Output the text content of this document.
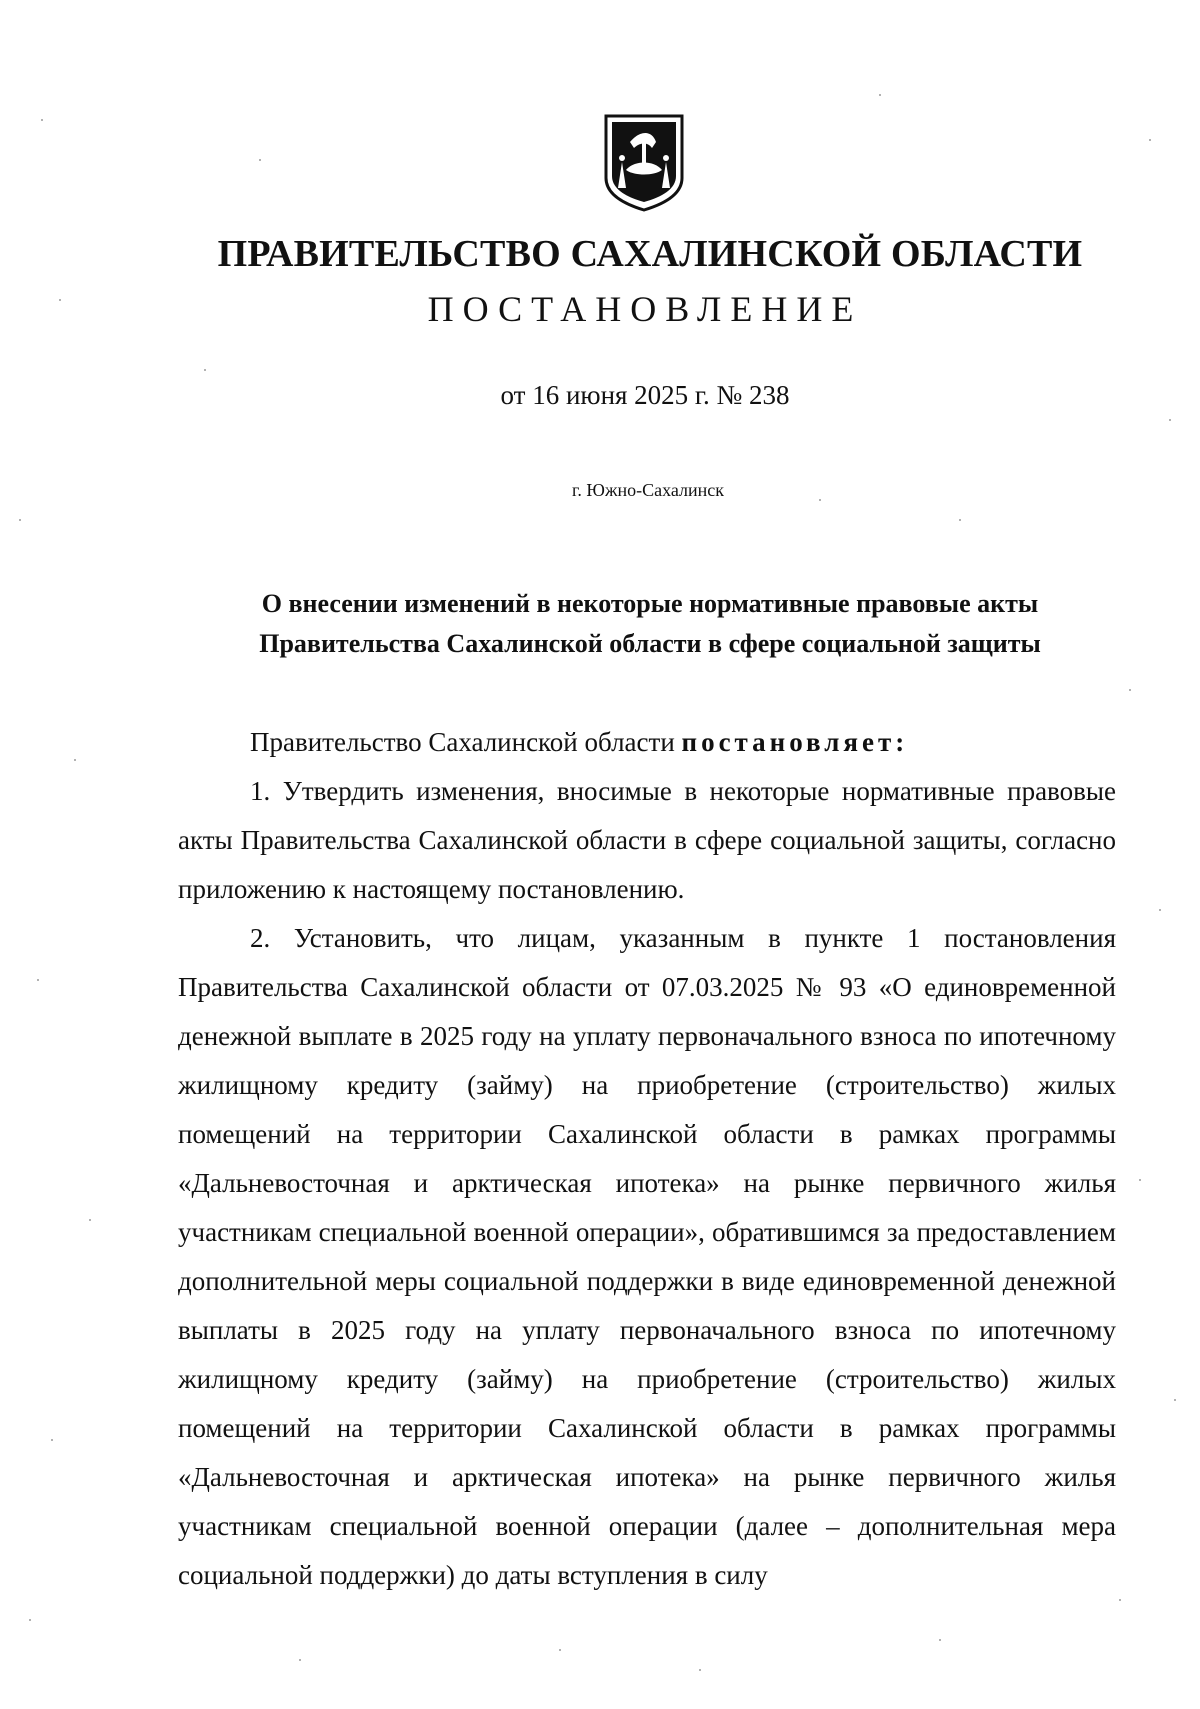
ПРАВИТЕЛЬСТВО САХАЛИНСКОЙ ОБЛАСТИ
ПОСТАНОВЛЕНИЕ
от 16 июня 2025 г. № 238
г. Южно-Сахалинск
О внесении изменений в некоторые нормативные правовые акты
Правительства Сахалинской области в сфере социальной защиты

Правительство Сахалинской области постановляет:

1. Утвердить изменения, вносимые в некоторые нормативные правовые акты Правительства Сахалинской области в сфере социальной защиты, согласно приложению к настоящему постановлению.

2. Установить, что лицам, указанным в пункте 1 постановления Правительства Сахалинской области от 07.03.2025 № 93 «О единовременной денежной выплате в 2025 году на уплату первоначального взноса по ипотечному жилищному кредиту (займу) на приобретение (строительство) жилых помещений на территории Сахалинской области в рамках программы «Дальневосточная и арктическая ипотека» на рынке первичного жилья участникам специальной военной операции», обратившимся за предоставлением дополнительной меры социальной поддержки в виде единовременной денежной выплаты в 2025 году на уплату первоначального взноса по ипотечному жилищному кредиту (займу) на приобретение (строительство) жилых помещений на территории Сахалинской области в рамках программы «Дальневосточная и арктическая ипотека» на рынке первичного жилья участникам специальной военной операции (далее – дополнительная мера социальной поддержки) до даты вступления в силу
